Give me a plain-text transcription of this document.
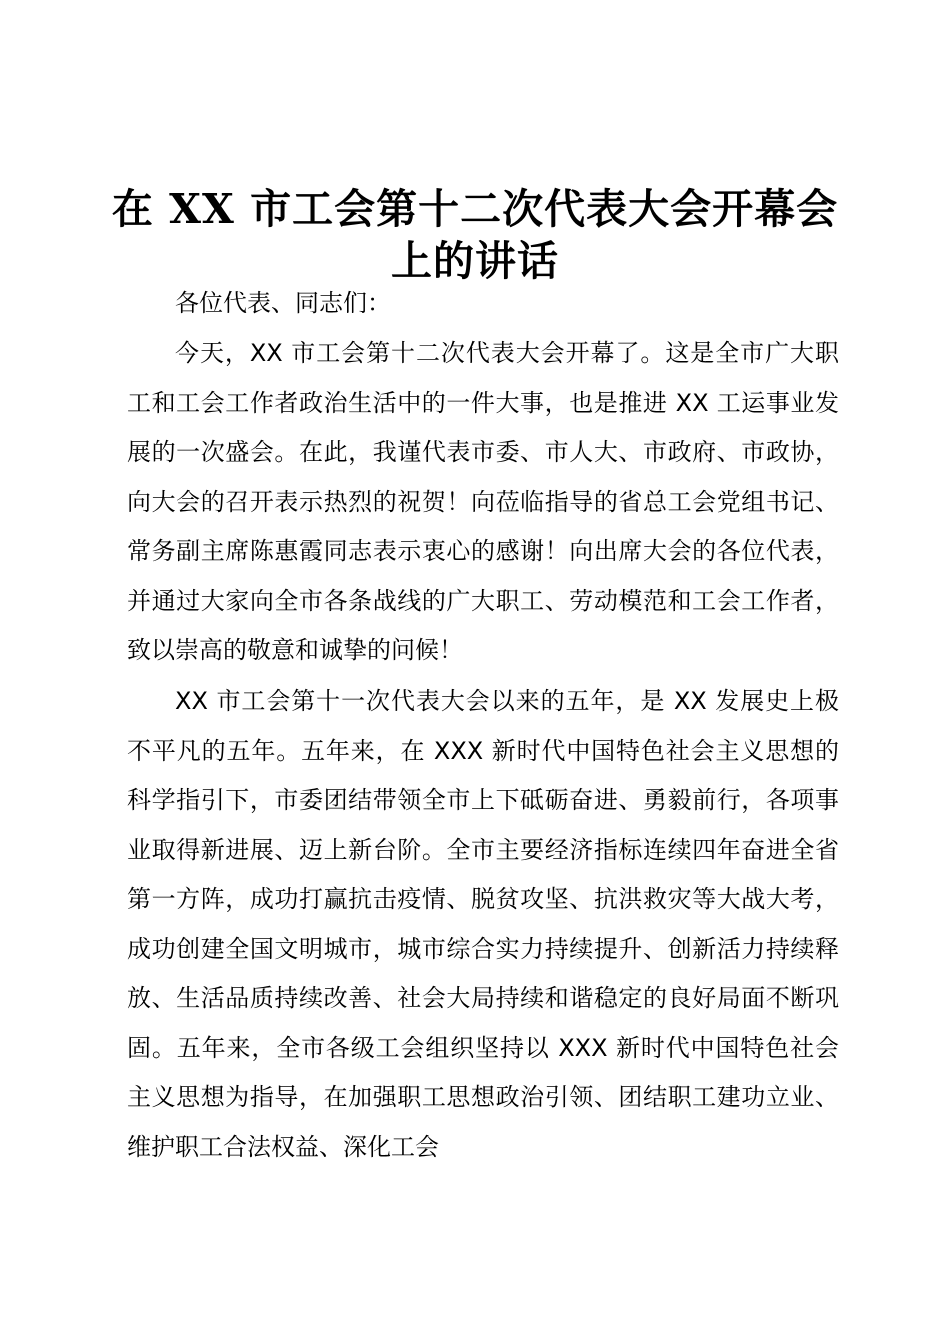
在 XX 市工会第十二次代表大会开幕会
上的讲话

各位代表、同志们：

今天，XX 市工会第十二次代表大会开幕了。这是全市广大职工和工会工作者政治生活中的一件大事，也是推进 XX 工运事业发展的一次盛会。在此，我谨代表市委、市人大、市政府、市政协，向大会的召开表示热烈的祝贺！向莅临指导的省总工会党组书记、常务副主席陈惠霞同志表示衷心的感谢！向出席大会的各位代表，并通过大家向全市各条战线的广大职工、劳动模范和工会工作者，致以崇高的敬意和诚挚的问候！

XX 市工会第十一次代表大会以来的五年，是 XX 发展史上极不平凡的五年。五年来，在 XXX 新时代中国特色社会主义思想的科学指引下，市委团结带领全市上下砥砺奋进、勇毅前行，各项事业取得新进展、迈上新台阶。全市主要经济指标连续四年奋进全省第一方阵，成功打赢抗击疫情、脱贫攻坚、抗洪救灾等大战大考，成功创建全国文明城市，城市综合实力持续提升、创新活力持续释放、生活品质持续改善、社会大局持续和谐稳定的良好局面不断巩固。五年来，全市各级工会组织坚持以 XXX 新时代中国特色社会主义思想为指导，在加强职工思想政治引领、团结职工建功立业、维护职工合法权益、深化工会
